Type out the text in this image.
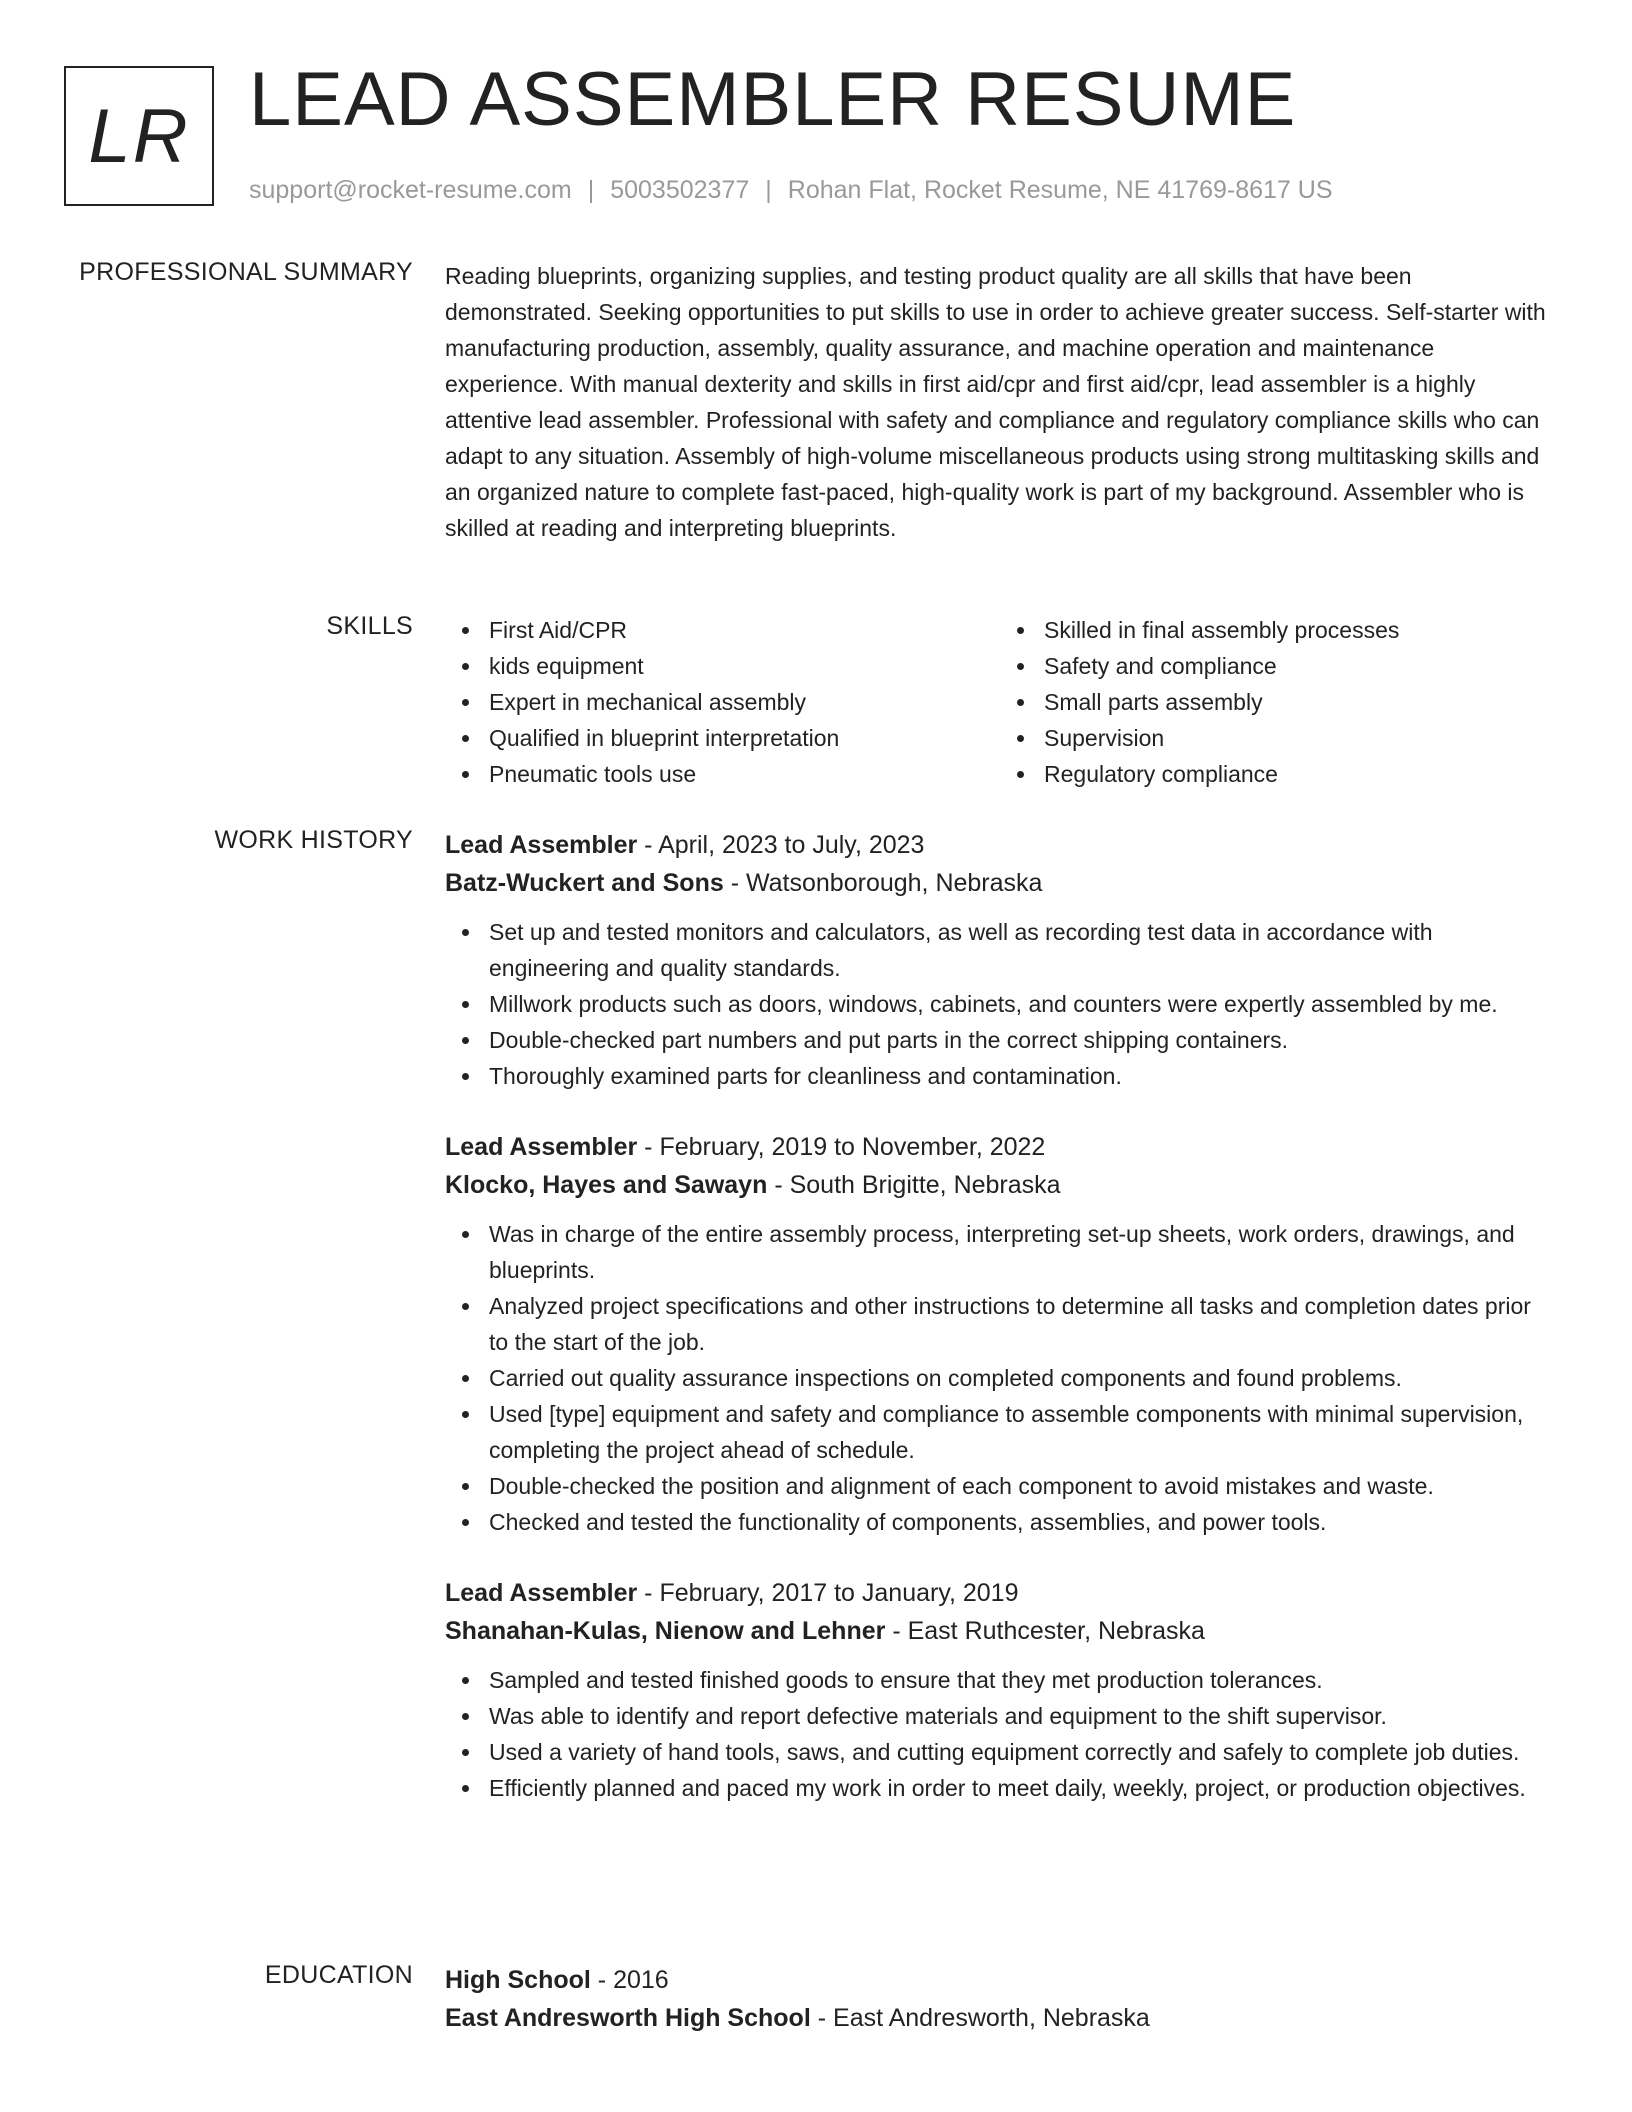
LR LEAD ASSEMBLER RESUME
support@rocket-resume.com | 5003502377 | Rohan Flat, Rocket Resume, NE 41769-8617 US
PROFESSIONAL SUMMARY Reading blueprints, organizing supplies, and testing product quality are all skills that have been demonstrated. Seeking opportunities to put skills to use in order to achieve greater success. Self-starter with manufacturing production, assembly, quality assurance, and machine operation and maintenance experience. With manual dexterity and skills in first aid/cpr and first aid/cpr, lead assembler is a highly attentive lead assembler. Professional with safety and compliance and regulatory compliance skills who can adapt to any situation. Assembly of high-volume miscellaneous products using strong multitasking skills and an organized nature to complete fast-paced, high-quality work is part of my background. Assembler who is skilled at reading and interpreting blueprints.

SKILLS	First Aid/CPR
kids equipment
Expert in mechanical assembly
Qualified in blueprint interpretation
Pneumatic tools use
Skilled in final assembly processes
Safety and compliance
Small parts assembly
Supervision
Regulatory compliance
WORK HISTORY Lead Assembler - April, 2023 to July, 2023
Batz-Wuckert and Sons - Watsonborough, Nebraska
Set up and tested monitors and calculators, as well as recording test data in accordance with engineering and quality standards.
Millwork products such as doors, windows, cabinets, and counters were expertly assembled by me.
Double-checked part numbers and put parts in the correct shipping containers.
Thoroughly examined parts for cleanliness and contamination.
Lead Assembler - February, 2019 to November, 2022
Klocko, Hayes and Sawayn - South Brigitte, Nebraska
Was in charge of the entire assembly process, interpreting set-up sheets, work orders, drawings, and blueprints.
Analyzed project specifications and other instructions to determine all tasks and completion dates prior to the start of the job.
Carried out quality assurance inspections on completed components and found problems.
Used [type] equipment and safety and compliance to assemble components with minimal supervision, completing the project ahead of schedule.
Double-checked the position and alignment of each component to avoid mistakes and waste.
Checked and tested the functionality of components, assemblies, and power tools.
Lead Assembler - February, 2017 to January, 2019
Shanahan-Kulas, Nienow and Lehner - East Ruthcester, Nebraska
Sampled and tested finished goods to ensure that they met production tolerances.
Was able to identify and report defective materials and equipment to the shift supervisor.
Used a variety of hand tools, saws, and cutting equipment correctly and safely to complete job duties.
Efficiently planned and paced my work in order to meet daily, weekly, project, or production objectives.
EDUCATION High School - 2016
East Andresworth High School - East Andresworth, Nebraska
